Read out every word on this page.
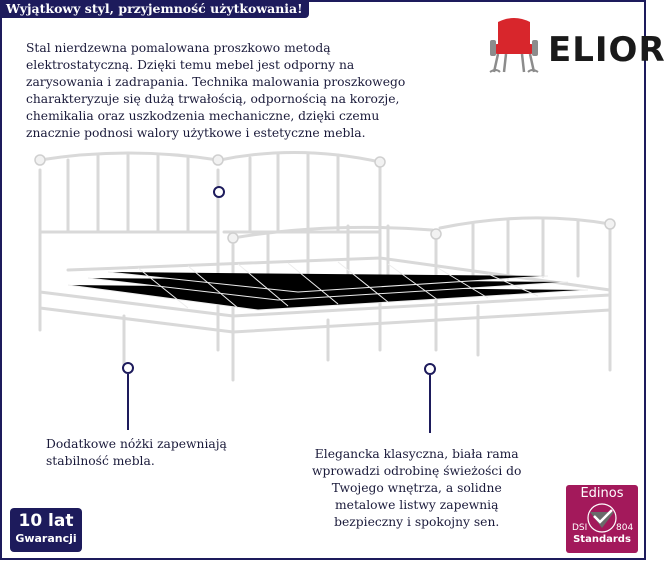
Wyjątkowy styl, przyjemność użytkowania!
ELIOR

Stal nierdzewna pomalowana proszkowo metodą

elektrostatyczną. Dzięki temu mebel jest odporny na

zarysowania i zadrapania. Technika malowania proszkowego

charakteryzuje się dużą trwałością, odpornością na korozje,

chemikalia oraz uszkodzenia mechaniczne, dzięki czemu

znacznie podnosi walory użytkowe i estetyczne mebla.

Dodatkowe nóżki zapewniają

stabilność mebla.	Elegancka klasyczna, biała rama

wprowadzi odrobinę świeżości do

Twojego wnętrza, a solidne

metalowe listwy zapewnią

bezpieczny i spokojny sen.

10 lat
Gwarancji
Edinos
DSI	804
Standards
